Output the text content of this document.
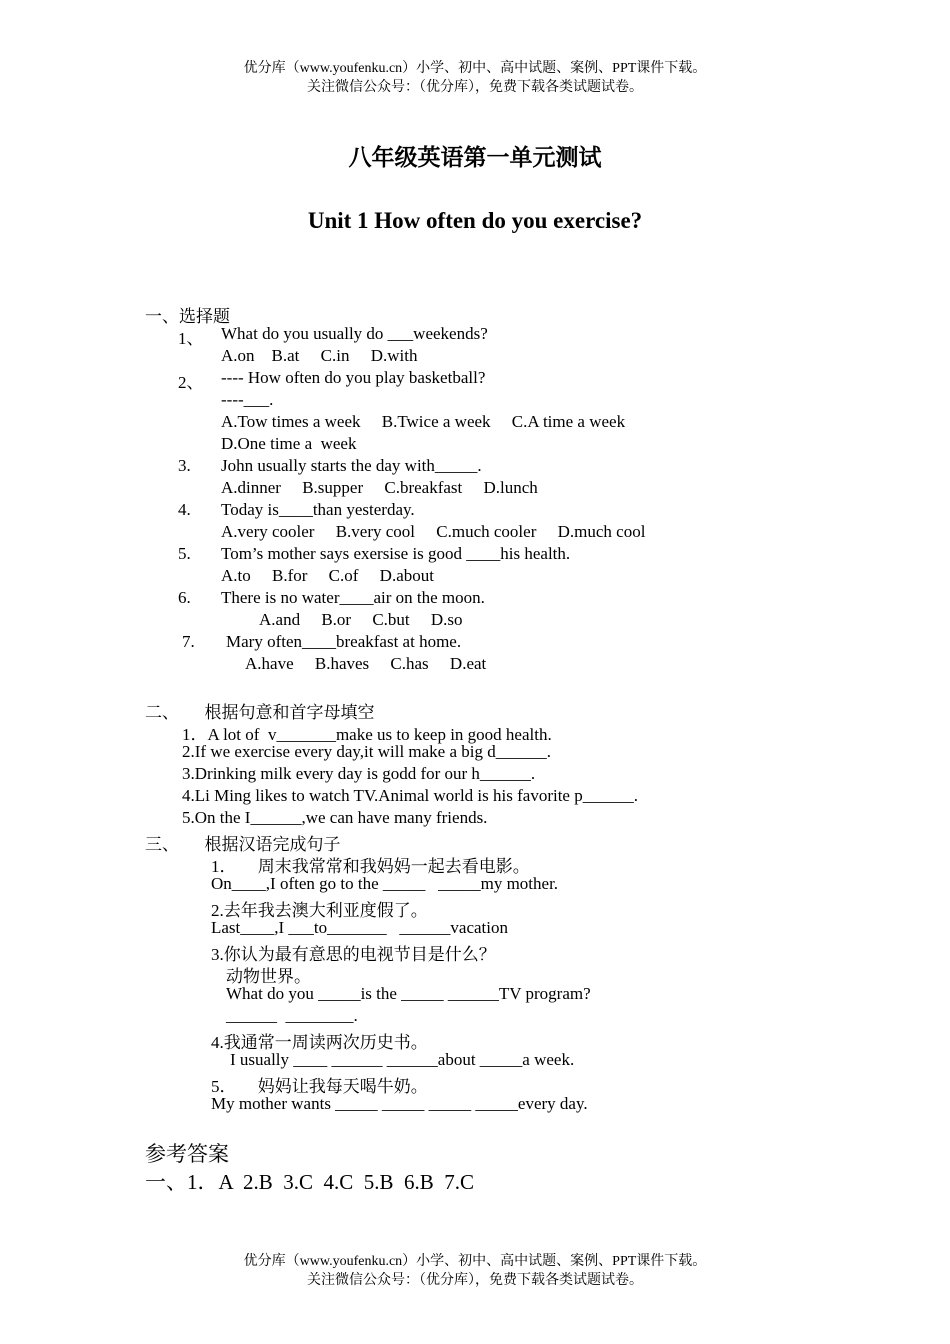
优分库（www.youfenku.cn）小学、初中、高中试题、案例、PPT课件下载。
关注微信公众号：（优分库），免费下载各类试题试卷。
八年级英语第一单元测试
Unit 1 How often do you exercise?
一、选择题
1、 What do you usually do ___weekends?
A.on    B.at     C.in     D.with
2、 ---- How often do you play basketball?
----___.
A.Tow times a week     B.Twice a week     C.A time a week
D.One time a  week
3. John usually starts the day with_____.
A.dinner     B.supper     C.breakfast     D.lunch
4. Today is____than yesterday.
A.very cooler     B.very cool     C.much cooler     D.much cool
5. Tom’s mother says exersise is good ____his health.
A.to     B.for     C.of     D.about
6. There is no water____air on the moon.
A.and     B.or     C.but     D.so
7. Mary often____breakfast at home.
A.have     B.haves     C.has     D.eat
二、      根据句意和首字母填空
1．A lot of  v_______make us to keep in good health.
2.If we exercise every day,it will make a big d______.
3.Drinking milk every day is godd for our h______.
4.Li Ming likes to watch TV.Animal world is his favorite p______.
5.On the I______,we can have many friends.
三、      根据汉语完成句子
1．     周末我常常和我妈妈一起去看电影。
On____,I often go to the _____   _____my mother.
2.去年我去澳大利亚度假了。
Last____,I ___to_______   ______vacation
3.你认为最有意思的电视节目是什么？
动物世界。
What do you _____is the _____ ______TV program?
______  ________.
4.我通常一周读两次历史书。
I usually ____ ______ ______about _____a week.
5．     妈妈让我每天喝牛奶。
My mother wants _____ _____ _____ _____every day.
参考答案
一、1．A  2.B  3.C  4.C  5.B  6.B  7.C
优分库（www.youfenku.cn）小学、初中、高中试题、案例、PPT课件下载。
关注微信公众号：（优分库），免费下载各类试题试卷。
